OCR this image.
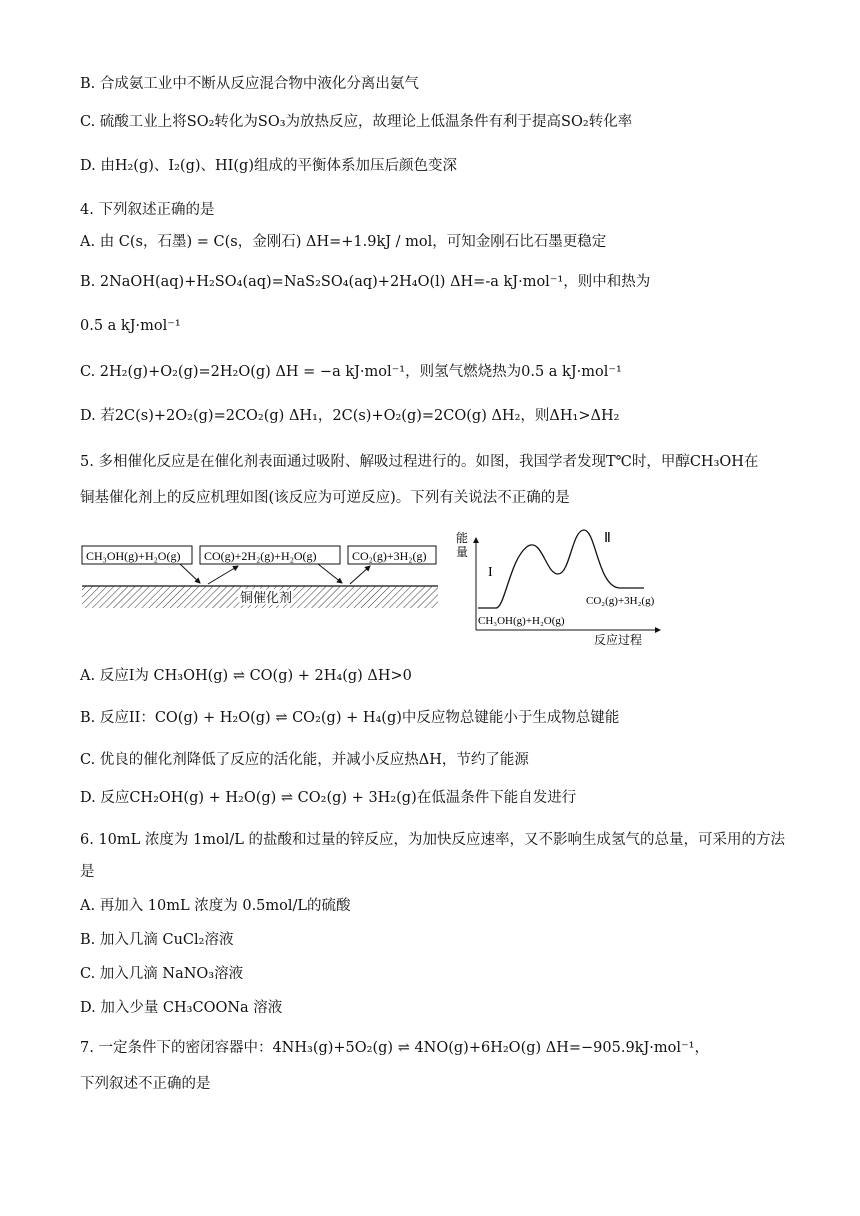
B. 合成氨工业中不断从反应混合物中液化分离出氨气
C. 硫酸工业上将SO₂转化为SO₃为放热反应，故理论上低温条件有利于提高SO₂转化率
D. 由H₂(g)、I₂(g)、HI(g)组成的平衡体系加压后颜色变深
4. 下列叙述正确的是
A. 由 C(s，石墨) = C(s，金刚石) ΔH=+1.9kJ / mol，可知金刚石比石墨更稳定
B. 2NaOH(aq)+H₂SO₄(aq)=NaS₂SO₄(aq)+2H₄O(l) ΔH=-a kJ·mol⁻¹，则中和热为
0.5 a kJ·mol⁻¹
C. 2H₂(g)+O₂(g)=2H₂O(g) ΔH = −a kJ·mol⁻¹，则氢气燃烧热为0.5 a kJ·mol⁻¹
D. 若2C(s)+2O₂(g)=2CO₂(g) ΔH₁，2C(s)+O₂(g)=2CO(g) ΔH₂，则ΔH₁>ΔH₂
5. 多相催化反应是在催化剂表面通过吸附、解吸过程进行的。如图，我国学者发现T℃时，甲醇CH₃OH在
铜基催化剂上的反应机理如图(该反应为可逆反应)。下列有关说法不正确的是
铜催化剂
CH₃OH(g)+H₂O(g) CO(g)+2H₂(g)+H₂O(g)	CO₂(g)+3H₂(g)
能
量
反应过程
I
Ⅱ
CH₃OH(g)+H₂O(g)
CO₂(g)+3H₂(g)
A. 反应I为 CH₃OH(g) ⇌ CO(g) + 2H₄(g) ΔH>0
B. 反应II：CO(g) + H₂O(g) ⇌ CO₂(g) + H₄(g)中反应物总键能小于生成物总键能
C. 优良的催化剂降低了反应的活化能，并减小反应热ΔH，节约了能源
D. 反应CH₂OH(g) + H₂O(g) ⇌ CO₂(g) + 3H₂(g)在低温条件下能自发进行
6. 10mL 浓度为 1mol/L 的盐酸和过量的锌反应，为加快反应速率，又不影响生成氢气的总量，可采用的方法
是
A. 再加入 10mL 浓度为 0.5mol/L的硫酸
B. 加入几滴 CuCl₂溶液
C. 加入几滴 NaNO₃溶液
D. 加入少量 CH₃COONa 溶液
7. 一定条件下的密闭容器中：4NH₃(g)+5O₂(g) ⇌ 4NO(g)+6H₂O(g) ΔH=−905.9kJ·mol⁻¹，
下列叙述不正确的是
